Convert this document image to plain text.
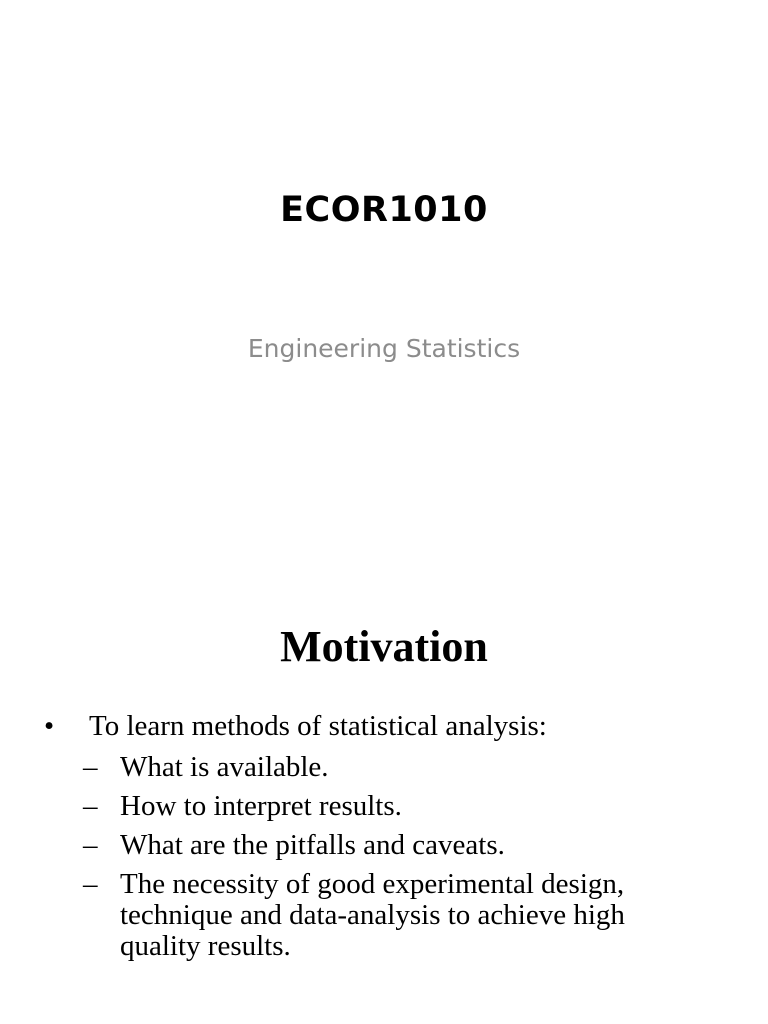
ECOR1010
Engineering Statistics
Motivation
• To learn methods of statistical analysis:
– What is available.
– How to interpret results.
– What are the pitfalls and caveats.
– The necessity of good experimental design, technique and data-analysis to achieve high quality results.
